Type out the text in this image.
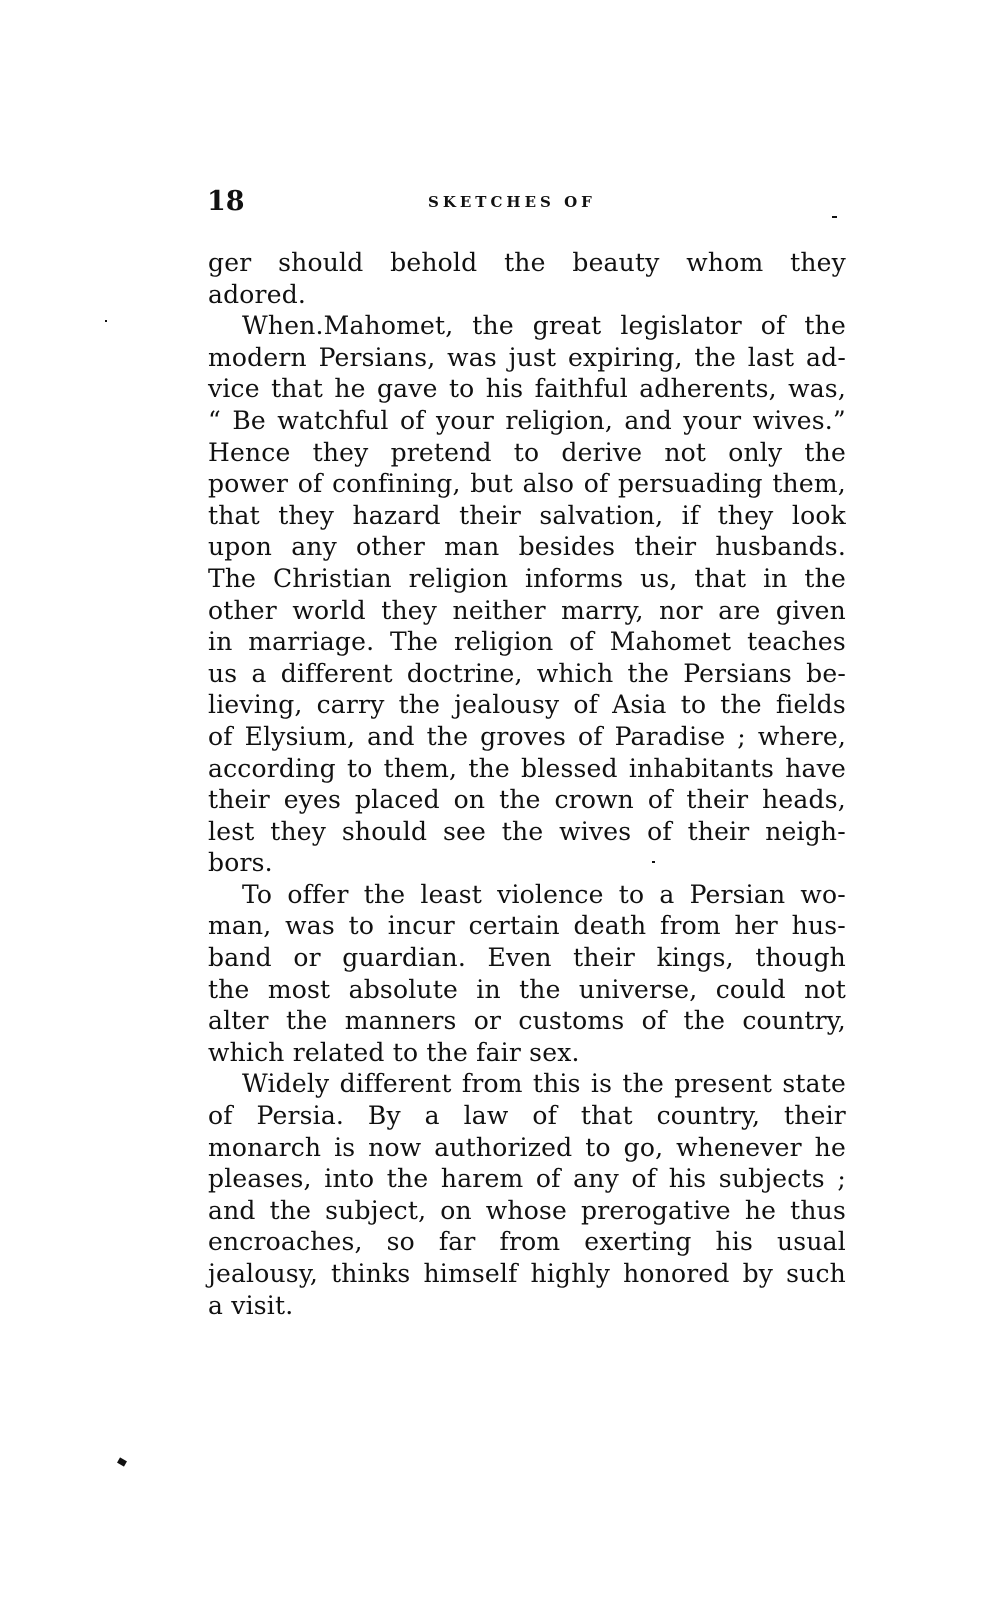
18	SKETCHES OF
ger should behold the beauty whom they
adored.
When.Mahomet, the great legislator of the
modern Persians, was just expiring, the last ad-
vice that he gave to his faithful adherents, was,
“ Be watchful of your religion, and your wives.”
Hence they pretend to derive not only the
power of confining, but also of persuading them,
that they hazard their salvation, if they look
upon any other man besides their husbands.
The Christian religion informs us, that in the
other world they neither marry, nor are given
in marriage. The religion of Mahomet teaches
us a different doctrine, which the Persians be-
lieving, carry the jealousy of Asia to the fields
of Elysium, and the groves of Paradise ; where,
according to them, the blessed inhabitants have
their eyes placed on the crown of their heads,
lest they should see the wives of their neigh-
bors.
To offer the least violence to a Persian wo-
man, was to incur certain death from her hus-
band or guardian. Even their kings, though
the most absolute in the universe, could not
alter the manners or customs of the country,
which related to the fair sex.
Widely different from this is the present state
of Persia. By a law of that country, their
monarch is now authorized to go, whenever he
pleases, into the harem of any of his subjects ;
and the subject, on whose prerogative he thus
encroaches, so far from exerting his usual
jealousy, thinks himself highly honored by such
a visit.
